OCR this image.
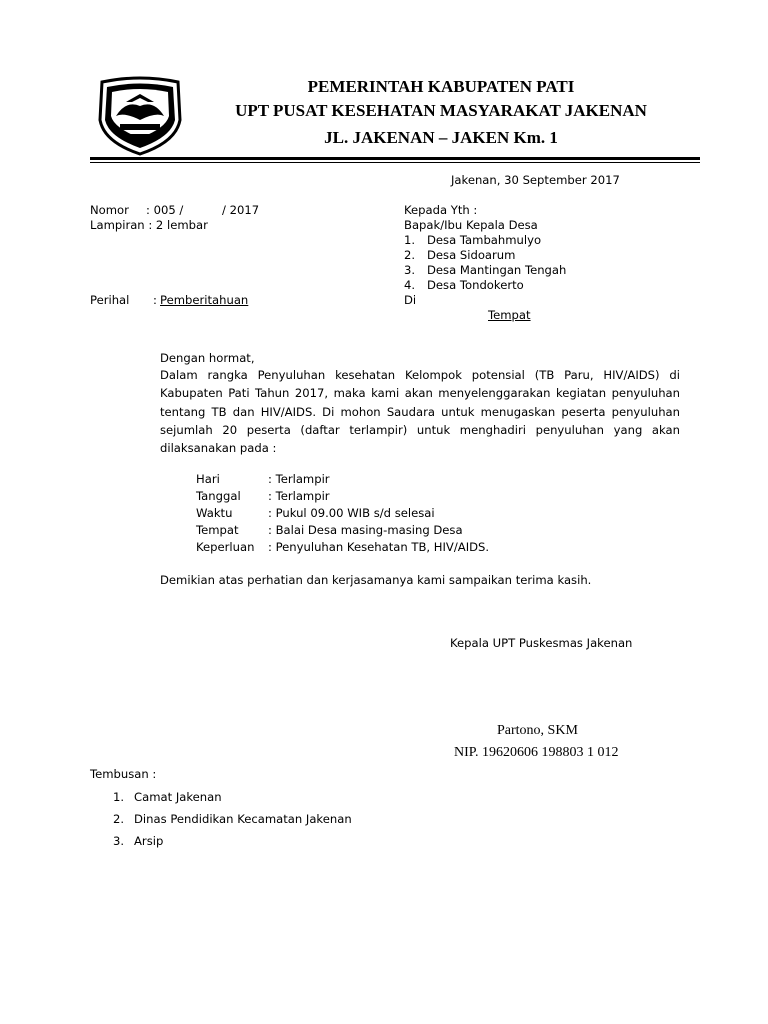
PEMERINTAH KABUPATEN PATI
UPT PUSAT KESEHATAN MASYARAKAT JAKENAN
JL. JAKENAN – JAKEN Km. 1
Jakenan, 30 September 2017
Nomor : 005 /	/ 2017
Lampiran : 2 lembar
Perihal : Pemberitahuan
Kepada Yth :
Bapak/Ibu Kepala Desa
1. Desa Tambahmulyo
2. Desa Sidoarum
3. Desa Mantingan Tengah
4. Desa Tondokerto
Di
Tempat
Dengan hormat,
Dalam rangka Penyuluhan kesehatan Kelompok potensial (TB Paru, HIV/AIDS) di Kabupaten Pati Tahun 2017, maka kami akan menyelenggarakan kegiatan penyuluhan tentang TB dan HIV/AIDS. Di mohon Saudara untuk menugaskan peserta penyuluhan sejumlah 20 peserta (daftar terlampir) untuk menghadiri penyuluhan yang akan dilaksanakan pada :
Hari	: Terlampir
Tanggal : Terlampir
Waktu	: Pukul 09.00 WIB s/d selesai
Tempat	: Balai Desa masing-masing Desa
Keperluan : Penyuluhan Kesehatan TB, HIV/AIDS.
Demikian atas perhatian dan kerjasamanya kami sampaikan terima kasih.
Kepala UPT Puskesmas Jakenan
Partono, SKM
NIP. 19620606 198803 1 012
Tembusan :
1. Camat Jakenan
2. Dinas Pendidikan Kecamatan Jakenan
3. Arsip
